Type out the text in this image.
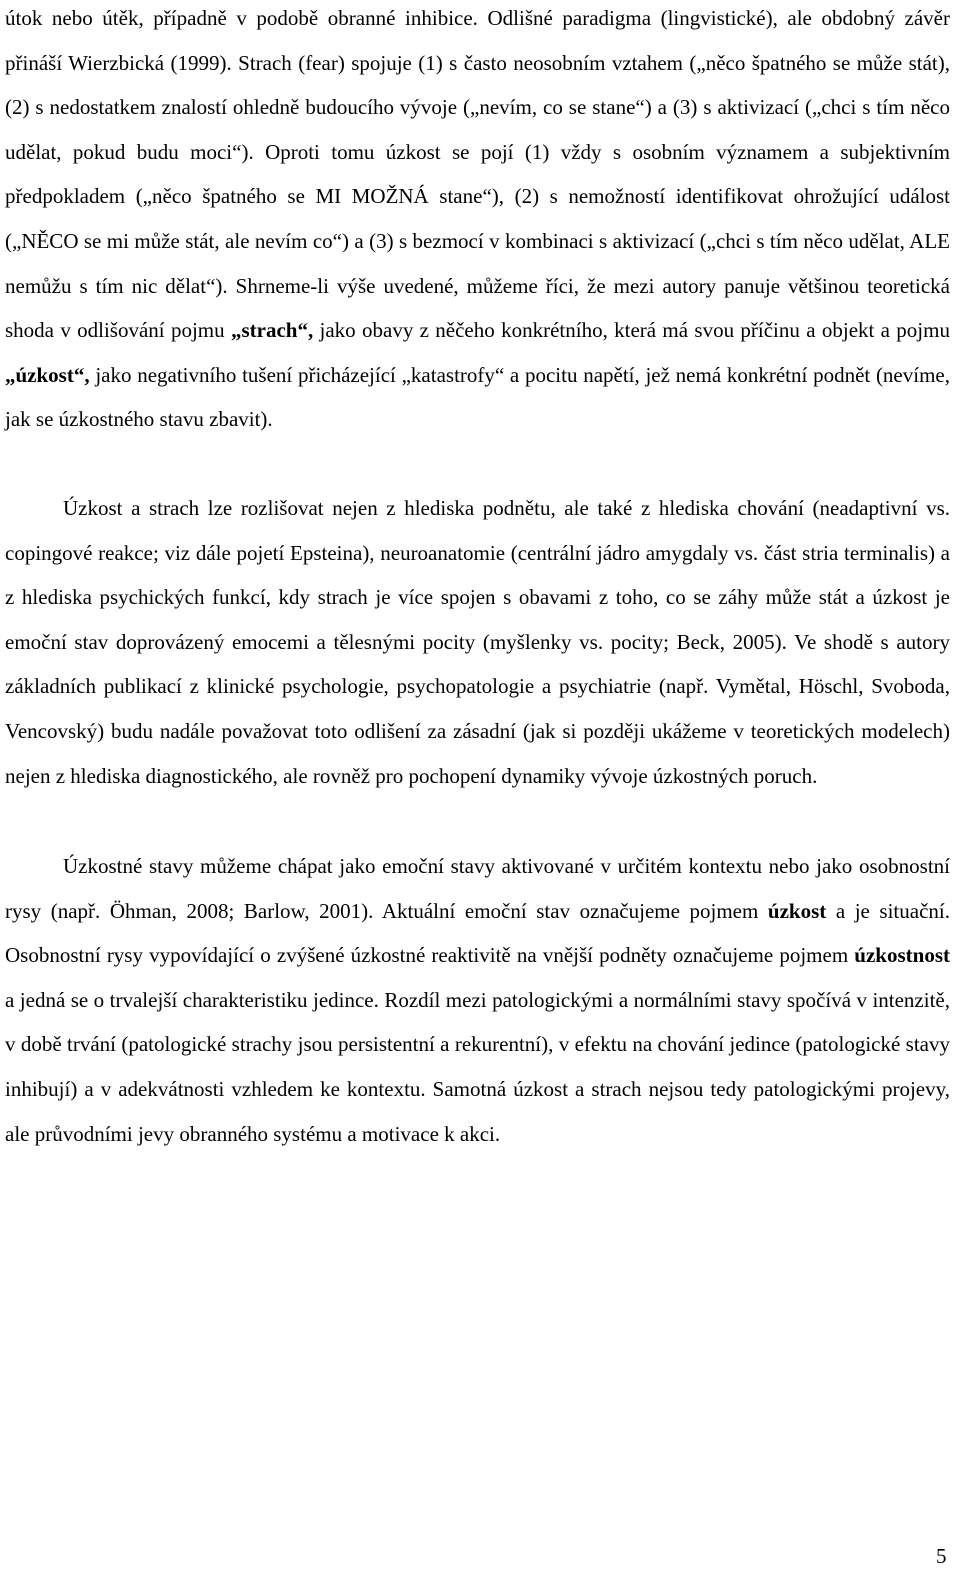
útok nebo útěk, případně v podobě obranné inhibice. Odlišné paradigma (lingvistické), ale obdobný závěr přináší Wierzbická (1999). Strach (fear) spojuje (1) s často neosobním vztahem („něco špatného se může stát), (2) s nedostatkem znalostí ohledně budoucího vývoje („nevím, co se stane“) a (3) s aktivizací („chci s tím něco udělat, pokud budu moci“). Oproti tomu úzkost se pojí (1) vždy s osobním významem a subjektivním předpokladem („něco špatného se MI MOŽNÁ stane“), (2) s nemožností identifikovat ohrožující událost („NĚCO se mi může stát, ale nevím co“) a (3) s bezmocí v kombinaci s aktivizací („chci s tím něco udělat, ALE nemůžu s tím nic dělat“). Shrneme-li výše uvedené, můžeme říci, že mezi autory panuje většinou teoretická shoda v odlišování pojmu „strach“, jako obavy z něčeho konkrétního, která má svou příčinu a objekt a pojmu „úzkost“, jako negativního tušení přicházející „katastrofy“ a pocitu napětí, jež nemá konkrétní podnět (nevíme, jak se úzkostného stavu zbavit).

Úzkost a strach lze rozlišovat nejen z hlediska podnětu, ale také z hlediska chování (neadaptivní vs. copingové reakce; viz dále pojetí Epsteina), neuroanatomie (centrální jádro amygdaly vs. část stria terminalis) a z hlediska psychických funkcí, kdy strach je více spojen s obavami z toho, co se záhy může stát a úzkost je emoční stav doprovázený emocemi a tělesnými pocity (myšlenky vs. pocity; Beck, 2005). Ve shodě s autory základních publikací z klinické psychologie, psychopatologie a psychiatrie (např. Vymětal, Höschl, Svoboda, Vencovský) budu nadále považovat toto odlišení za zásadní (jak si později ukážeme v teoretických modelech) nejen z hlediska diagnostického, ale rovněž pro pochopení dynamiky vývoje úzkostných poruch.

Úzkostné stavy můžeme chápat jako emoční stavy aktivované v určitém kontextu nebo jako osobnostní rysy (např. Öhman, 2008; Barlow, 2001). Aktuální emoční stav označujeme pojmem úzkost a je situační. Osobnostní rysy vypovídající o zvýšené úzkostné reaktivitě na vnější podněty označujeme pojmem úzkostnost a jedná se o trvalejší charakteristiku jedince. Rozdíl mezi patologickými a normálními stavy spočívá v intenzitě, v době trvání (patologické strachy jsou persistentní a rekurentní), v efektu na chování jedince (patologické stavy inhibují) a v adekvátnosti vzhledem ke kontextu. Samotná úzkost a strach nejsou tedy patologickými projevy, ale průvodními jevy obranného systému a motivace k akci.

5
